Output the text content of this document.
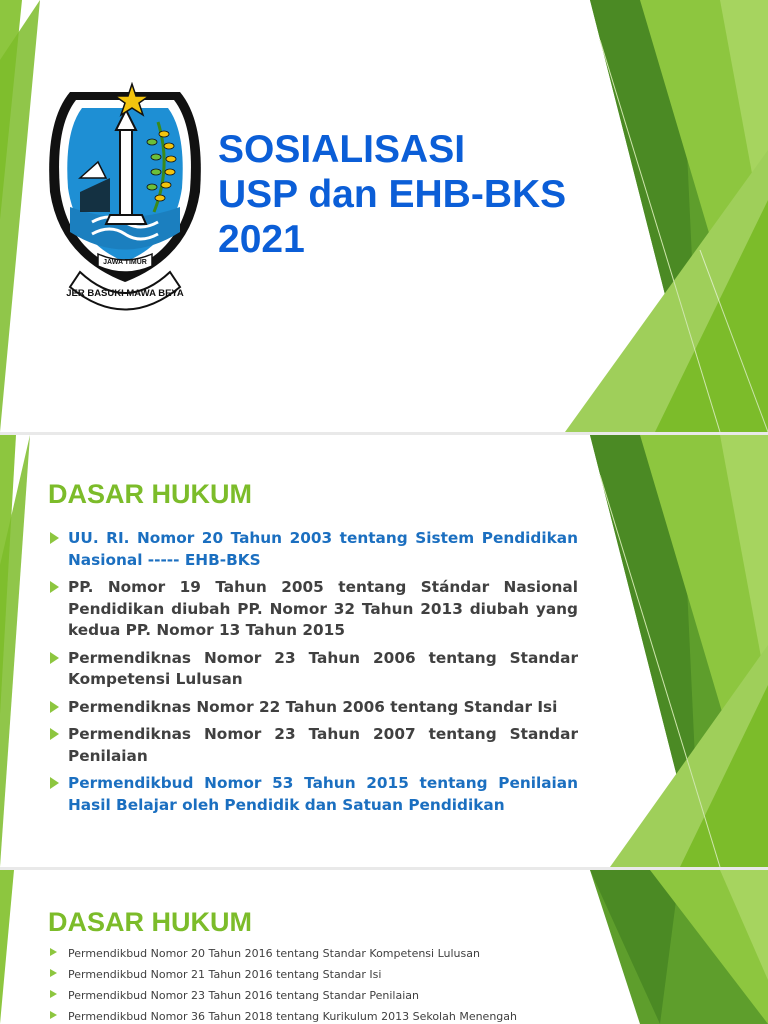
JAWA TIMUR
JER BASUKI MAWA BEYA
SOSIALISASI
USP dan EHB-BKS
2021
DASAR HUKUM
UU. RI. Nomor 20 Tahun 2003 tentang Sistem Pendidikan Nasional ----- EHB-BKS
PP. Nomor 19 Tahun 2005 tentang Stándar Nasional Pendidikan diubah PP. Nomor 32 Tahun 2013 diubah yang kedua PP. Nomor 13 Tahun 2015
Permendiknas Nomor 23 Tahun 2006 tentang Standar Kompetensi Lulusan
Permendiknas Nomor 22 Tahun 2006 tentang Standar Isi
Permendiknas Nomor 23 Tahun 2007 tentang Standar Penilaian
Permendikbud Nomor 53 Tahun 2015 tentang Penilaian Hasil Belajar oleh Pendidik dan Satuan Pendidikan
DASAR HUKUM
Permendikbud Nomor 20 Tahun 2016 tentang Standar Kompetensi Lulusan
Permendikbud Nomor 21 Tahun 2016 tentang Standar Isi
Permendikbud Nomor 23 Tahun 2016 tentang Standar Penilaian
Permendikbud Nomor 36 Tahun 2018 tentang Kurikulum 2013 Sekolah Menengah
